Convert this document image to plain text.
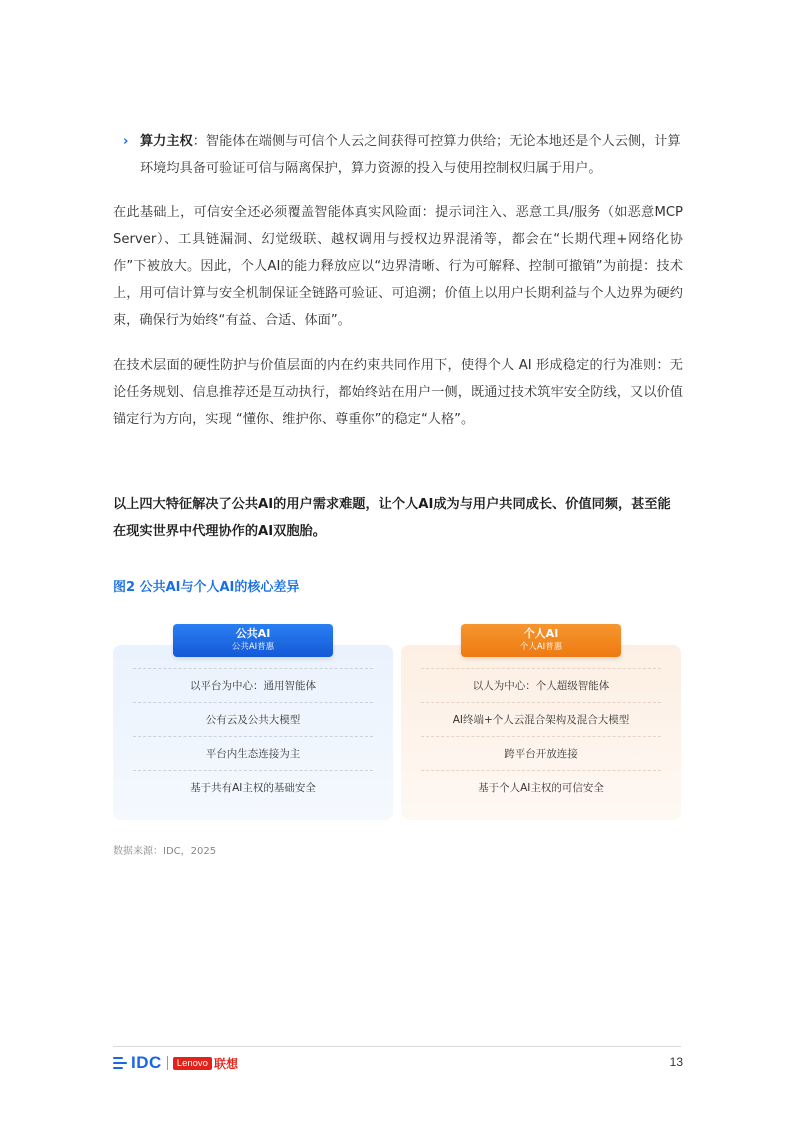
› 算力主权：智能体在端侧与可信个人云之间获得可控算力供给；无论本地还是个人云侧，计算环境均具备可验证可信与隔离保护，算力资源的投入与使用控制权归属于用户。
在此基础上，可信安全还必须覆盖智能体真实风险面：提示词注入、恶意工具/服务（如恶意MCP Server）、工具链漏洞、幻觉级联、越权调用与授权边界混淆等，都会在“长期代理+网络化协作”下被放大。因此，个人AI的能力释放应以“边界清晰、行为可解释、控制可撤销”为前提：技术上，用可信计算与安全机制保证全链路可验证、可追溯；价值上以用户长期利益与个人边界为硬约束，确保行为始终“有益、合适、体面”。
在技术层面的硬性防护与价值层面的内在约束共同作用下，使得个人 AI 形成稳定的行为准则：无论任务规划、信息推荐还是互动执行，都始终站在用户一侧，既通过技术筑牢安全防线，又以价值锚定行为方向，实现 “懂你、维护你、尊重你”的稳定“人格”。
以上四大特征解决了公共AI的用户需求难题，让个人AI成为与用户共同成长、价值同频，甚至能在现实世界中代理协作的AI双胞胎。
图2 公共AI与个人AI的核心差异
以平台为中心：通用智能体
公有云及公共大模型
平台内生态连接为主
基于共有AI主权的基础安全
公共AI
公共AI普惠
以人为中心：个人超级智能体
AI终端+个人云混合架构及混合大模型
跨平台开放连接
基于个人AI主权的可信安全
个人AI
个人AI普惠
数据来源：IDC，2025
IDC	Lenovo 联想	13
